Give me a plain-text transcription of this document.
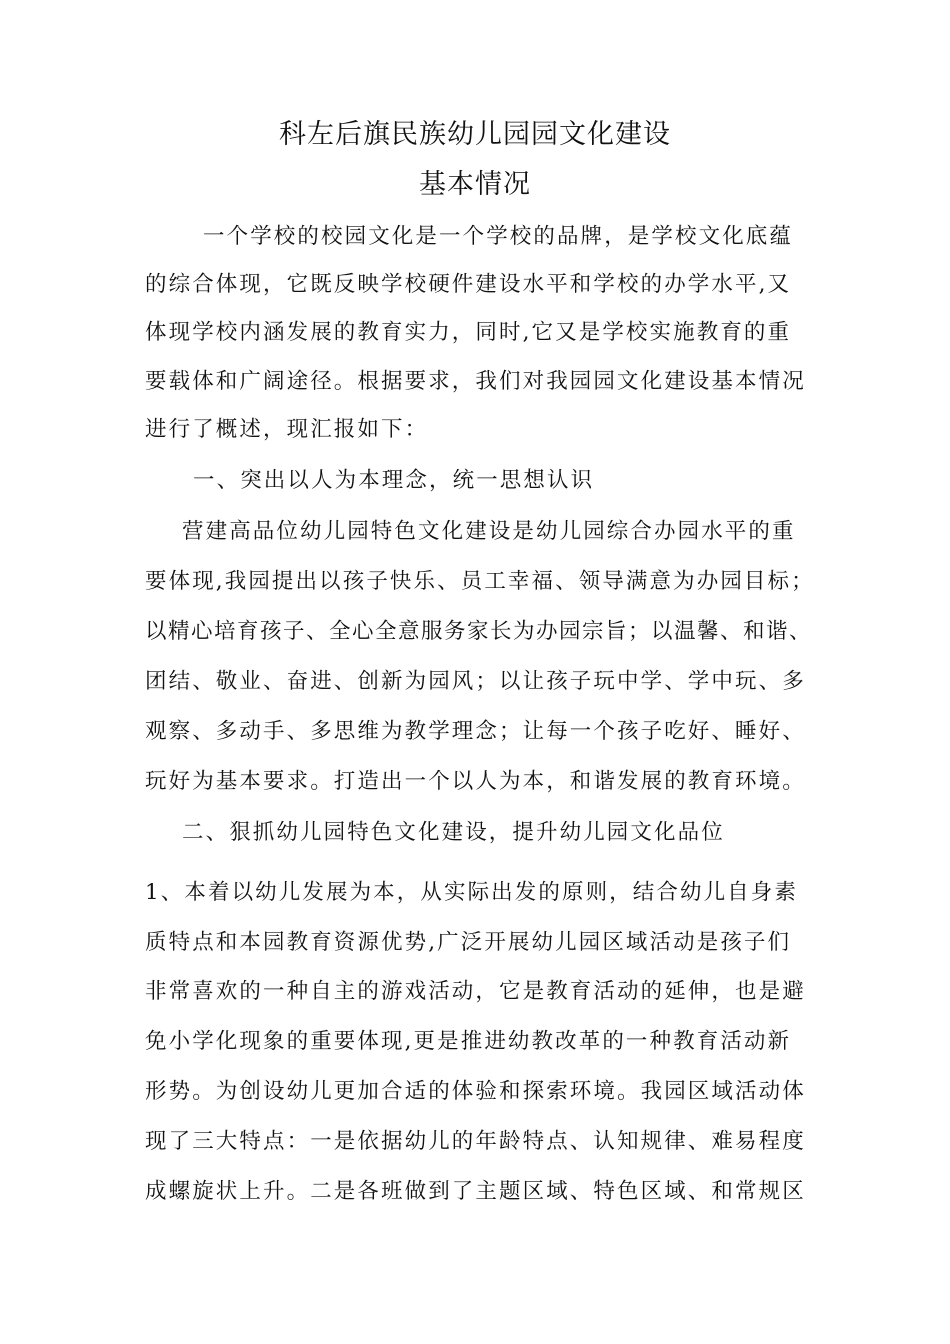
科左后旗民族幼儿园园文化建设
基本情况
一个学校的校园文化是一个学校的品牌，是学校文化底蕴
的综合体现，它既反映学校硬件建设水平和学校的办学水平,又
体现学校内涵发展的教育实力，同时,它又是学校实施教育的重
要载体和广阔途径。根据要求，我们对我园园文化建设基本情况
进行了概述，现汇报如下：
一、突出以人为本理念，统一思想认识
营建高品位幼儿园特色文化建设是幼儿园综合办园水平的重
要体现,我园提出以孩子快乐、员工幸福、领导满意为办园目标；
以精心培育孩子、全心全意服务家长为办园宗旨；以温馨、和谐、
团结、敬业、奋进、创新为园风；以让孩子玩中学、学中玩、多
观察、多动手、多思维为教学理念；让每一个孩子吃好、睡好、
玩好为基本要求。打造出一个以人为本，和谐发展的教育环境。
二、狠抓幼儿园特色文化建设，提升幼儿园文化品位
1、本着以幼儿发展为本，从实际出发的原则，结合幼儿自身素
质特点和本园教育资源优势,广泛开展幼儿园区域活动是孩子们
非常喜欢的一种自主的游戏活动，它是教育活动的延伸，也是避
免小学化现象的重要体现,更是推进幼教改革的一种教育活动新
形势。为创设幼儿更加合适的体验和探索环境。我园区域活动体
现了三大特点：一是依据幼儿的年龄特点、认知规律、难易程度
成螺旋状上升。二是各班做到了主题区域、特色区域、和常规区
